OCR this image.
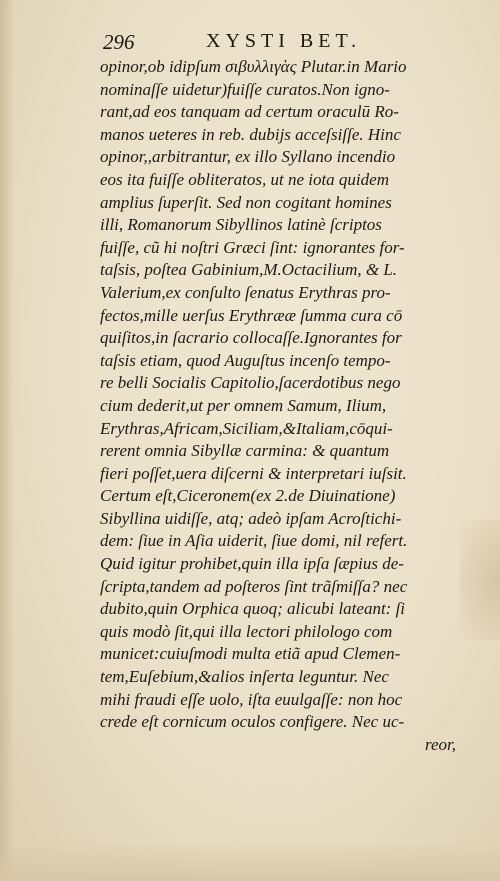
296	XYSTI BET.
opinor,ob idipſum σιβυλλιγὰς Plutar.in Mario
nominaſſe uidetur)fuiſſe curatos.Non igno-
rant,ad eos tanquam ad certum oraculū Ro-
manos ueteres in reb. dubijs acceſsiſſe. Hinc
opinor,,arbitrantur, ex illo Syllano incendio
eos ita fuiſſe obliteratos, ut ne iota quidem
amplius ſuperſit. Sed non cogitant homines
illi, Romanorum Sibyllinos latinè ſcriptos
fuiſſe, cũ hi noſtri Græci ſint: ignorantes for-
taſsis, poſtea Gabinium,M.Octacilium, & L.
Valerium,ex conſulto ſenatus Erythras pro-
fectos,mille uerſus Erythrææ ſumma cura cō
quiſitos,in ſacrario collocaſſe.Ignorantes for
taſsis etiam, quod Auguſtus incenſo tempo-
re belli Socialis Capitolio,ſacerdotibus nego
cium dederit,ut per omnem Samum, Ilium,
Erythras,Africam,Siciliam,&Italiam,cōqui-
rerent omnia Sibyllæ carmina: & quantum
fieri poſſet,uera diſcerni & interpretari iuſsit.
Certum eſt,Ciceronem(ex 2.de Diuinatione)
Sibyllina uidiſſe, atq; adeò ipſam Acroſtichi-
dem: ſiue in Aſia uiderit, ſiue domi, nil refert.
Quid igitur prohibet,quin illa ipſa ſæpius de-
ſcripta,tandem ad poſteros ſint trãſmiſſa? nec
dubito,quin Orphica quoq; alicubi lateant: ſi
quis modò ſit,qui illa lectori philologo com
municet:cuiuſmodi multa etiã apud Clemen-
tem,Euſebium,&alios inſerta leguntur. Nec
mihi fraudi eſſe uolo, iſta euulgaſſe: non hoc
crede eſt cornicum oculos configere. Nec uc-
reor,
